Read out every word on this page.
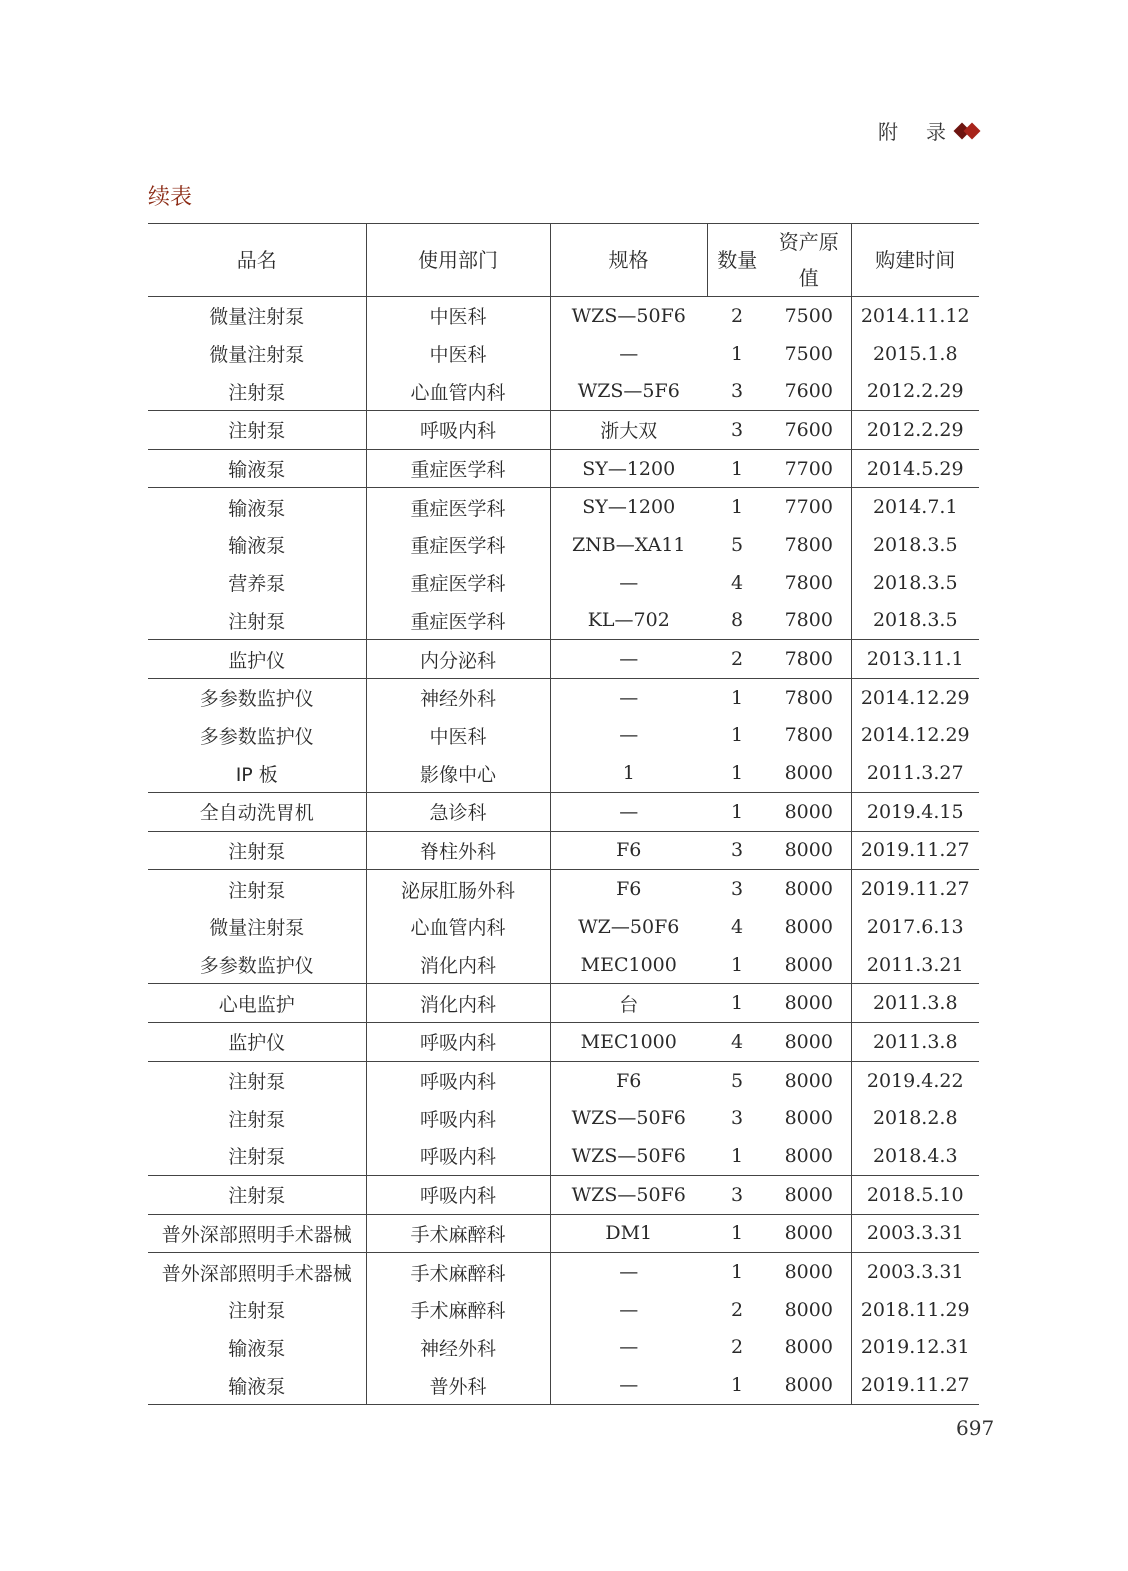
附　录
续表
品名	使用部门	规格	数量	资产原值	购建时间
微量注射泵	中医科	WZS—50F6	2	7500	2014.11.12
微量注射泵	中医科	—	1	7500	2015.1.8
注射泵	心血管内科	WZS—5F6	3	7600	2012.2.29
注射泵	呼吸内科	浙大双	3	7600	2012.2.29
输液泵	重症医学科	SY—1200	1	7700	2014.5.29
输液泵	重症医学科	SY—1200	1	7700	2014.7.1
输液泵	重症医学科	ZNB—XA11	5	7800	2018.3.5
营养泵	重症医学科	—	4	7800	2018.3.5
注射泵	重症医学科	KL—702	8	7800	2018.3.5
监护仪	内分泌科	—	2	7800	2013.11.1
多参数监护仪	神经外科	—	1	7800	2014.12.29
多参数监护仪	中医科	—	1	7800	2014.12.29
IP 板	影像中心	1	1	8000	2011.3.27
全自动洗胃机	急诊科	—	1	8000	2019.4.15
注射泵	脊柱外科	F6	3	8000	2019.11.27
注射泵	泌尿肛肠外科	F6	3	8000	2019.11.27
微量注射泵	心血管内科	WZ—50F6	4	8000	2017.6.13
多参数监护仪	消化内科	MEC1000	1	8000	2011.3.21
心电监护	消化内科	台	1	8000	2011.3.8
监护仪	呼吸内科	MEC1000	4	8000	2011.3.8
注射泵	呼吸内科	F6	5	8000	2019.4.22
注射泵	呼吸内科	WZS—50F6	3	8000	2018.2.8
注射泵	呼吸内科	WZS—50F6	1	8000	2018.4.3
注射泵	呼吸内科	WZS—50F6	3	8000	2018.5.10
普外深部照明手术器械	手术麻醉科	DM1	1	8000	2003.3.31
普外深部照明手术器械	手术麻醉科	—	1	8000	2003.3.31
注射泵	手术麻醉科	—	2	8000	2018.11.29
输液泵	神经外科	—	2	8000	2019.12.31
输液泵	普外科	—	1	8000	2019.11.27
697
